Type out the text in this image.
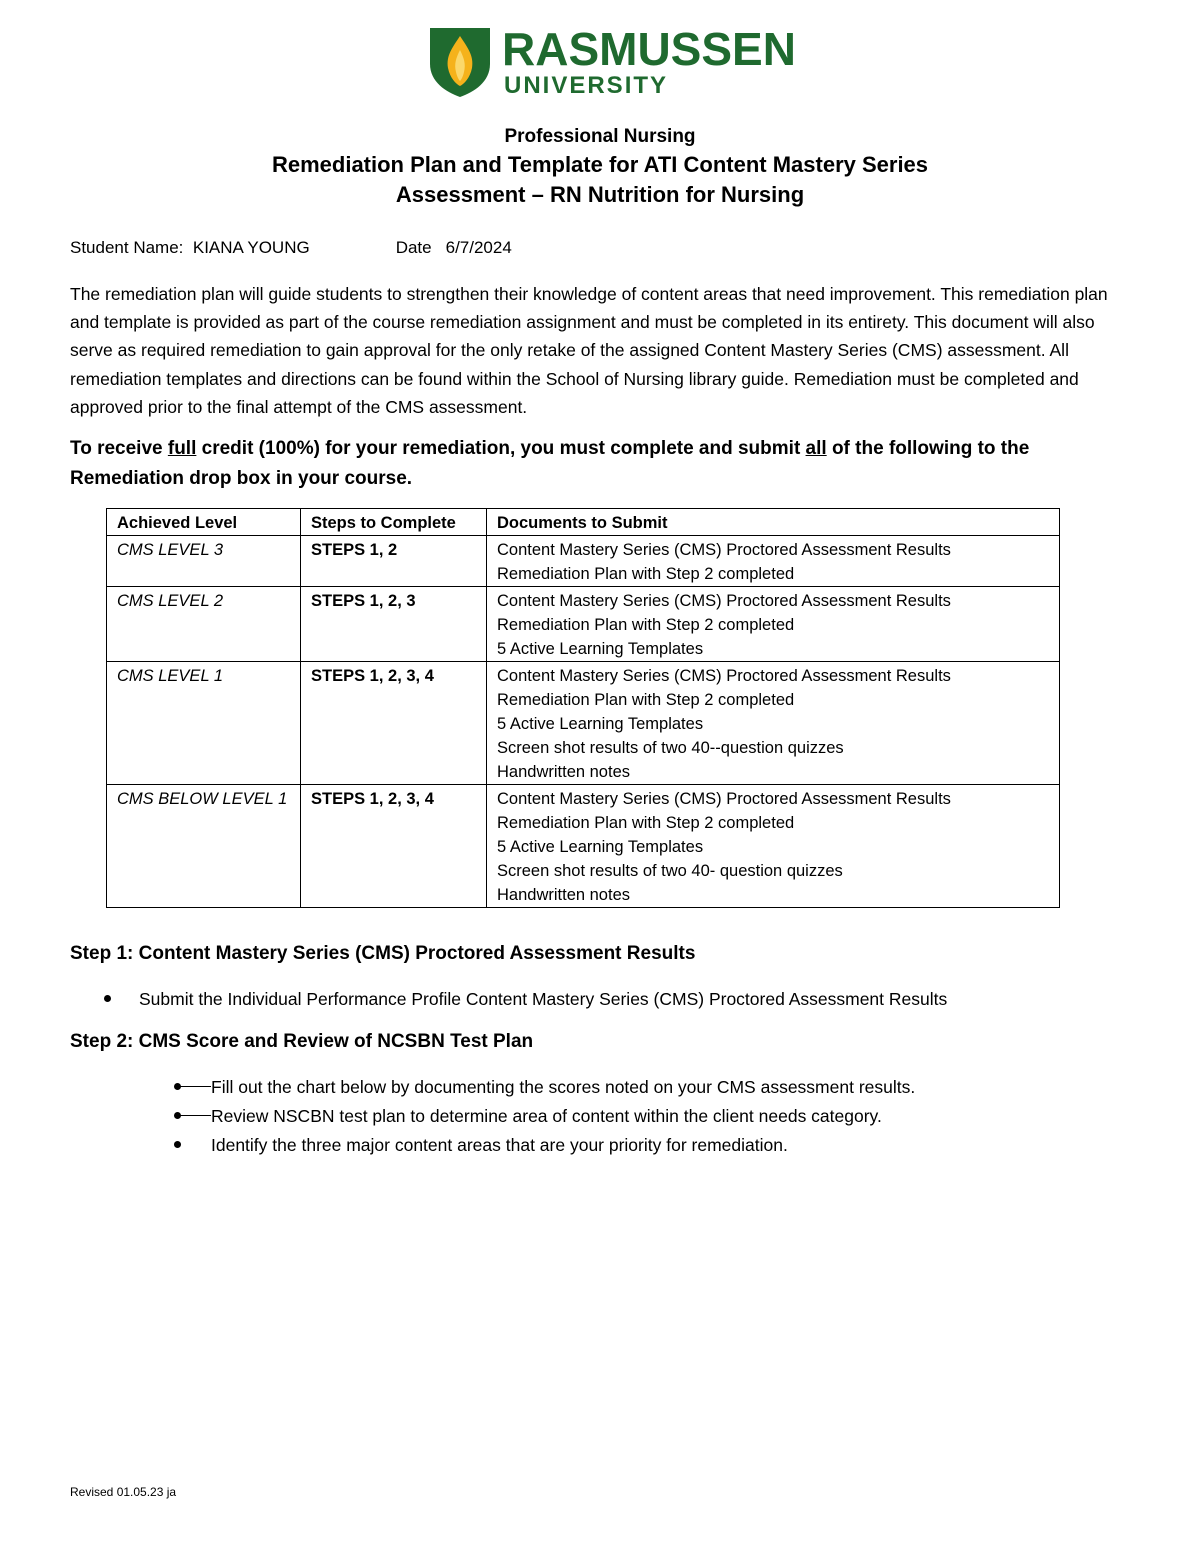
RASMUSSEN
UNIVERSITY
Professional Nursing
Remediation Plan and Template for ATI Content Mastery Series
Assessment – RN Nutrition for Nursing
Student Name: KIANA YOUNG	Date 6/7/2024

The remediation plan will guide students to strengthen their knowledge of content areas that need improvement. This remediation plan and template is provided as part of the course remediation assignment and must be completed in its entirety. This document will also serve as required remediation to gain approval for the only retake of the assigned Content Mastery Series (CMS) assessment. All remediation templates and directions can be found within the School of Nursing library guide. Remediation must be completed and approved prior to the final attempt of the CMS assessment.

To receive full credit (100%) for your remediation, you must complete and submit all of the following to the Remediation drop box in your course.
Achieved Level	Steps to Complete	Documents to Submit
CMS LEVEL 3	STEPS 1, 2	Content Mastery Series (CMS) Proctored Assessment Results
Remediation Plan with Step 2 completed

CMS LEVEL 2	STEPS 1, 2, 3	Content Mastery Series (CMS) Proctored Assessment Results
Remediation Plan with Step 2 completed
5 Active Learning Templates

CMS LEVEL 1	STEPS 1, 2, 3, 4	Content Mastery Series (CMS) Proctored Assessment Results
Remediation Plan with Step 2 completed
5 Active Learning Templates
Screen shot results of two 40--question quizzes
Handwritten notes

CMS BELOW LEVEL 1	STEPS 1, 2, 3, 4	Content Mastery Series (CMS) Proctored Assessment Results
Remediation Plan with Step 2 completed
5 Active Learning Templates
Screen shot results of two 40- question quizzes
Handwritten notes
Step 1: Content Mastery Series (CMS) Proctored Assessment Results
Submit the Individual Performance Profile Content Mastery Series (CMS) Proctored Assessment Results
Step 2: CMS Score and Review of NCSBN Test Plan
Fill out the chart below by documenting the scores noted on your CMS assessment results.
Review NSCBN test plan to determine area of content within the client needs category.
Identify the three major content areas that are your priority for remediation.
Revised 01.05.23 ja
